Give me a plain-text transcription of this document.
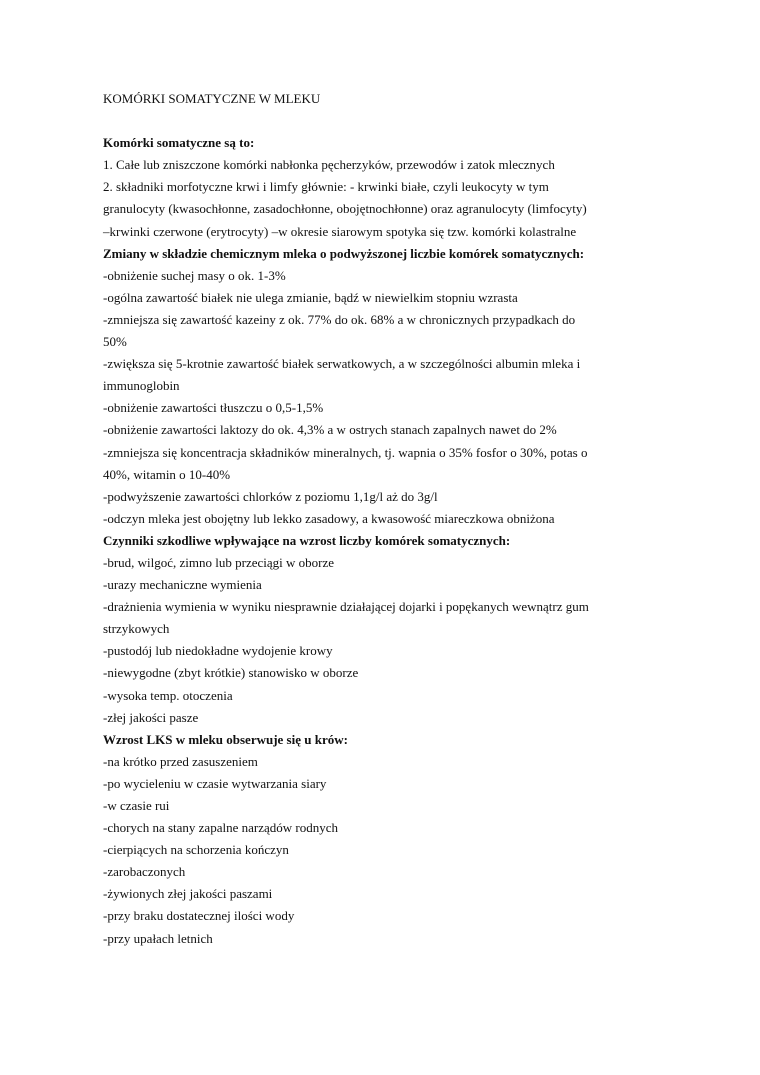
KOMÓRKI SOMATYCZNE W MLEKU

Komórki somatyczne są to:

1. Całe lub zniszczone komórki nabłonka pęcherzyków, przewodów i zatok mlecznych

2. składniki morfotyczne krwi i limfy głównie: - krwinki białe, czyli leukocyty w tym

granulocyty (kwasochłonne, zasadochłonne, obojętnochłonne) oraz agranulocyty (limfocyty)

–krwinki czerwone (erytrocyty) –w okresie siarowym spotyka się tzw. komórki kolastralne

Zmiany w składzie chemicznym mleka o podwyższonej liczbie komórek somatycznych:

-obniżenie suchej masy o ok. 1-3%

-ogólna zawartość białek nie ulega zmianie, bądź w niewielkim stopniu wzrasta

-zmniejsza się zawartość kazeiny z ok. 77% do ok. 68% a w chronicznych przypadkach do

50%

-zwiększa się 5-krotnie zawartość białek serwatkowych, a w szczególności albumin mleka i

immunoglobin

-obniżenie zawartości tłuszczu o 0,5-1,5%

-obniżenie zawartości laktozy do ok. 4,3% a w ostrych stanach zapalnych nawet do 2%

-zmniejsza się koncentracja składników mineralnych, tj. wapnia o 35% fosfor o 30%, potas o

40%, witamin o 10-40%

-podwyższenie zawartości chlorków z poziomu 1,1g/l aż do 3g/l

-odczyn mleka jest obojętny lub lekko zasadowy, a kwasowość miareczkowa obniżona

Czynniki szkodliwe wpływające na wzrost liczby komórek somatycznych:

-brud, wilgoć, zimno lub przeciągi w oborze

-urazy mechaniczne wymienia

-drażnienia wymienia w wyniku niesprawnie działającej dojarki i popękanych wewnątrz gum

strzykowych

-pustodój lub niedokładne wydojenie krowy

-niewygodne (zbyt krótkie) stanowisko w oborze

-wysoka temp. otoczenia

-złej jakości pasze

Wzrost LKS w mleku obserwuje się u krów:

-na krótko przed zasuszeniem

-po wycieleniu w czasie wytwarzania siary

-w czasie rui

-chorych na stany zapalne narządów rodnych

-cierpiących na schorzenia kończyn

-zarobaczonych

-żywionych złej jakości paszami

-przy braku dostatecznej ilości wody

-przy upałach letnich
